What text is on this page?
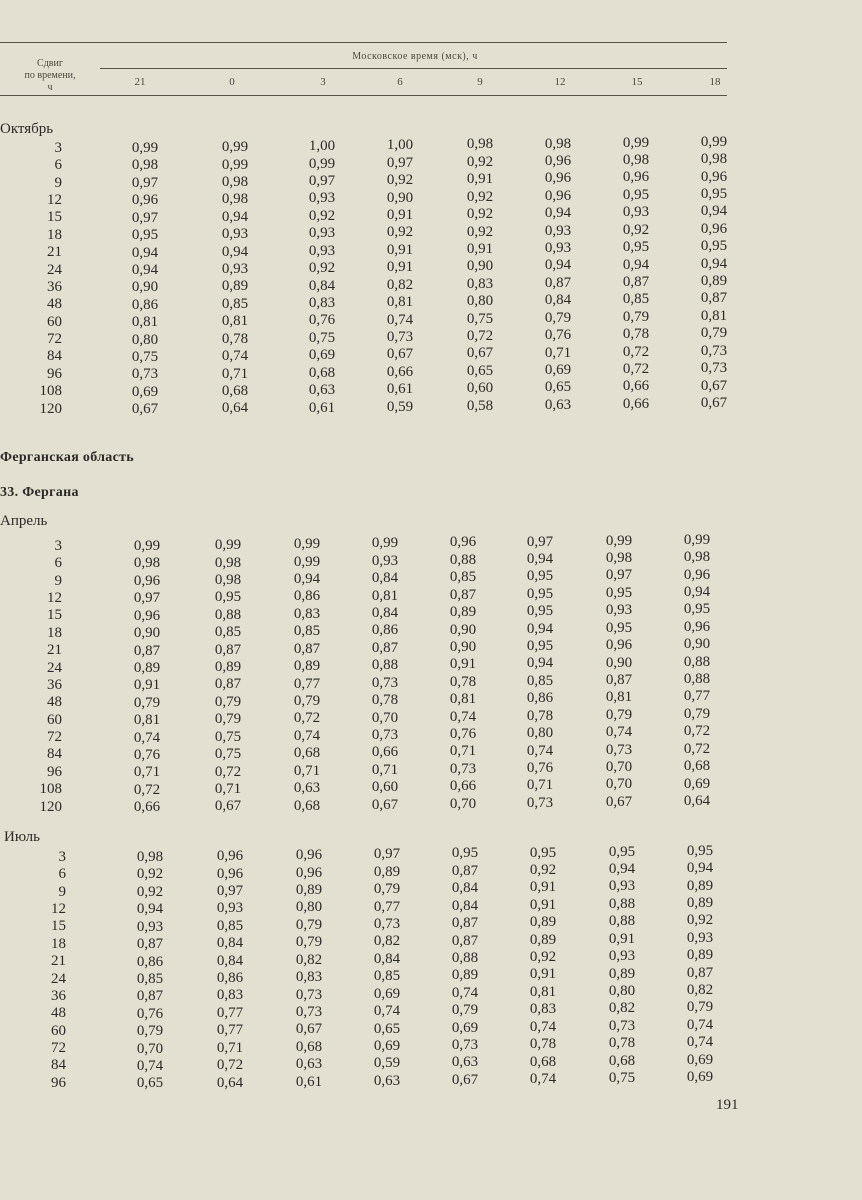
Сдвиг
по времени,
ч
Московское время (мск), ч
21	0	3	6	9	12	15	18
Октябрь
3	0,99	0,99	1,00	1,00	0,98	0,98	0,99	0,99
6	0,98	0,99	0,99	0,97	0,92	0,96	0,98	0,98
9	0,97	0,98	0,97	0,92	0,91	0,96	0,96	0,96
12	0,96	0,98	0,93	0,90	0,92	0,96	0,95	0,95
15	0,97	0,94	0,92	0,91	0,92	0,94	0,93	0,94
18	0,95	0,93	0,93	0,92	0,92	0,93	0,92	0,96
21	0,94	0,94	0,93	0,91	0,91	0,93	0,95	0,95
24	0,94	0,93	0,92	0,91	0,90	0,94	0,94	0,94
36	0,90	0,89	0,84	0,82	0,83	0,87	0,87	0,89
48	0,86	0,85	0,83	0,81	0,80	0,84	0,85	0,87
60	0,81	0,81	0,76	0,74	0,75	0,79	0,79	0,81
72	0,80	0,78	0,75	0,73	0,72	0,76	0,78	0,79
84	0,75	0,74	0,69	0,67	0,67	0,71	0,72	0,73
96	0,73	0,71	0,68	0,66	0,65	0,69	0,72	0,73
108	0,69	0,68	0,63	0,61	0,60	0,65	0,66	0,67
120	0,67	0,64	0,61	0,59	0,58	0,63	0,66	0,67
Апрель
3	0,99	0,99	0,99	0,99	0,96	0,97	0,99	0,99
6	0,98	0,98	0,99	0,93	0,88	0,94	0,98	0,98
9	0,96	0,98	0,94	0,84	0,85	0,95	0,97	0,96
12	0,97	0,95	0,86	0,81	0,87	0,95	0,95	0,94
15	0,96	0,88	0,83	0,84	0,89	0,95	0,93	0,95
18	0,90	0,85	0,85	0,86	0,90	0,94	0,95	0,96
21	0,87	0,87	0,87	0,87	0,90	0,95	0,96	0,90
24	0,89	0,89	0,89	0,88	0,91	0,94	0,90	0,88
36	0,91	0,87	0,77	0,73	0,78	0,85	0,87	0,88
48	0,79	0,79	0,79	0,78	0,81	0,86	0,81	0,77
60	0,81	0,79	0,72	0,70	0,74	0,78	0,79	0,79
72	0,74	0,75	0,74	0,73	0,76	0,80	0,74	0,72
84	0,76	0,75	0,68	0,66	0,71	0,74	0,73	0,72
96	0,71	0,72	0,71	0,71	0,73	0,76	0,70	0,68
108	0,72	0,71	0,63	0,60	0,66	0,71	0,70	0,69
120	0,66	0,67	0,68	0,67	0,70	0,73	0,67	0,64
Июль
3	0,98	0,96	0,96	0,97	0,95	0,95	0,95	0,95
6	0,92	0,96	0,96	0,89	0,87	0,92	0,94	0,94
9	0,92	0,97	0,89	0,79	0,84	0,91	0,93	0,89
12	0,94	0,93	0,80	0,77	0,84	0,91	0,88	0,89
15	0,93	0,85	0,79	0,73	0,87	0,89	0,88	0,92
18	0,87	0,84	0,79	0,82	0,87	0,89	0,91	0,93
21	0,86	0,84	0,82	0,84	0,88	0,92	0,93	0,89
24	0,85	0,86	0,83	0,85	0,89	0,91	0,89	0,87
36	0,87	0,83	0,73	0,69	0,74	0,81	0,80	0,82
48	0,76	0,77	0,73	0,74	0,79	0,83	0,82	0,79
60	0,79	0,77	0,67	0,65	0,69	0,74	0,73	0,74
72	0,70	0,71	0,68	0,69	0,73	0,78	0,78	0,74
84	0,74	0,72	0,63	0,59	0,63	0,68	0,68	0,69
96	0,65	0,64	0,61	0,63	0,67	0,74	0,75	0,69
Ферганская область
33. Фергана
191
